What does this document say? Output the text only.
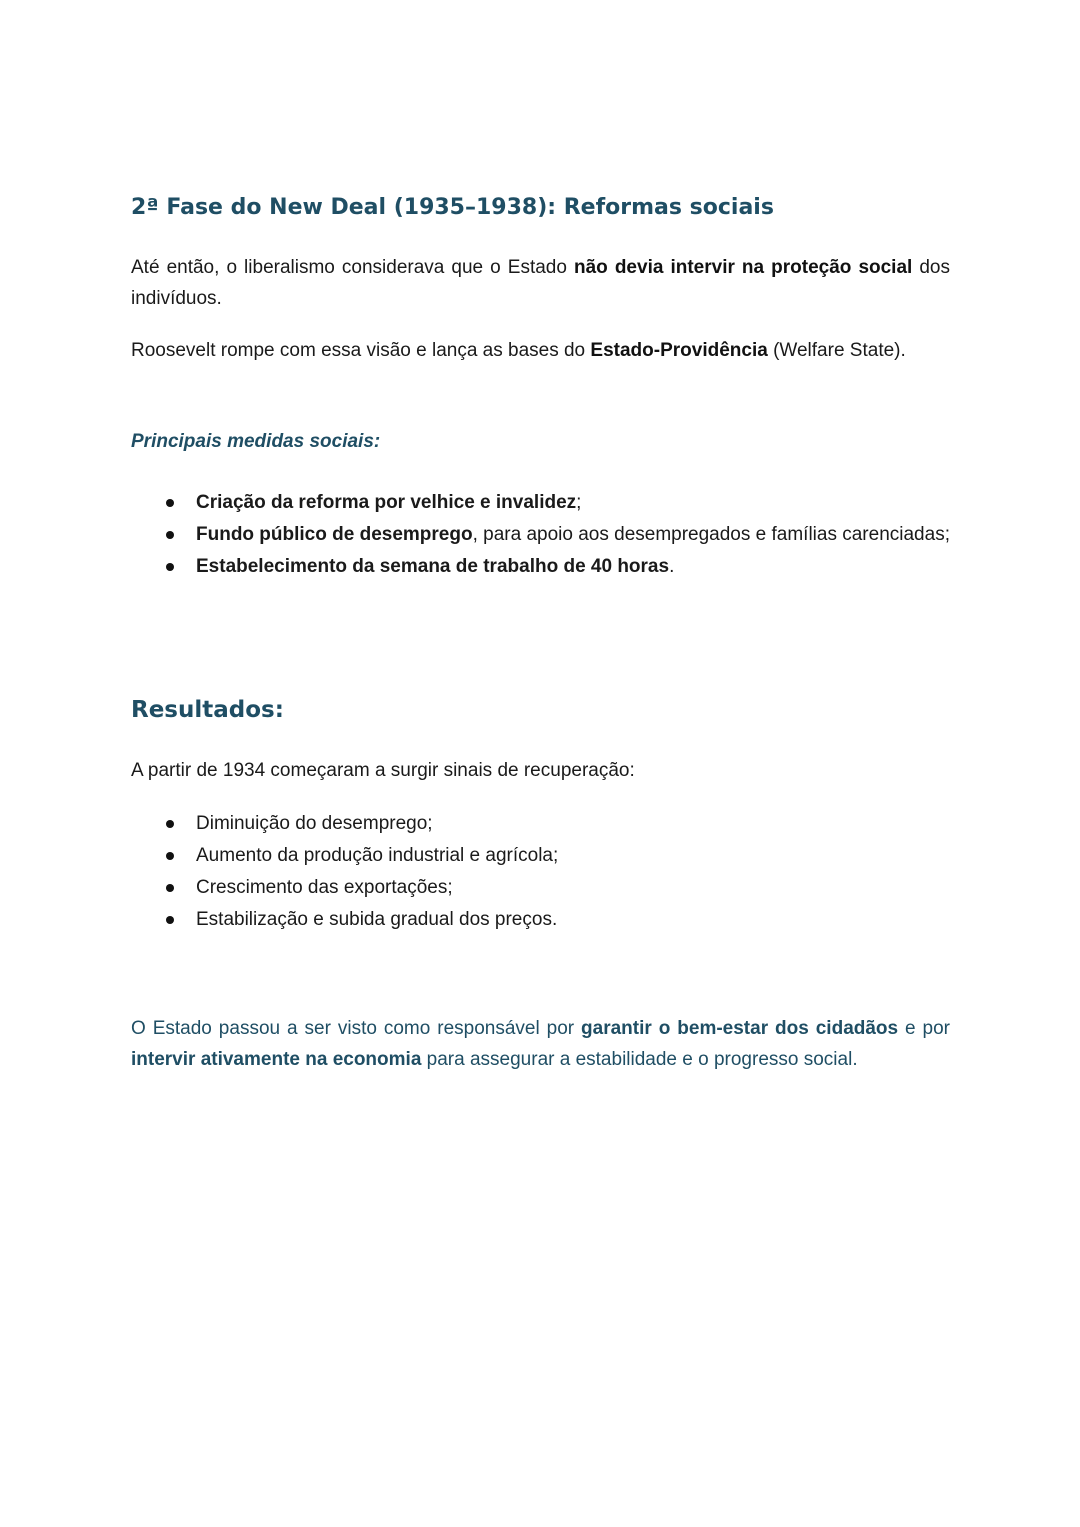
2ª Fase do New Deal (1935–1938): Reformas sociais

Até então, o liberalismo considerava que o Estado não devia intervir na proteção social dos indivíduos.

Roosevelt rompe com essa visão e lança as bases do Estado-Providência (Welfare State).

Principais medidas sociais:

Criação da reforma por velhice e invalidez;
Fundo público de desemprego, para apoio aos desempregados e famílias carenciadas;
Estabelecimento da semana de trabalho de 40 horas.
Resultados:

A partir de 1934 começaram a surgir sinais de recuperação:

Diminuição do desemprego;
Aumento da produção industrial e agrícola;
Crescimento das exportações;
Estabilização e subida gradual dos preços.

O Estado passou a ser visto como responsável por garantir o bem-estar dos cidadãos e por intervir ativamente na economia para assegurar a estabilidade e o progresso social.
